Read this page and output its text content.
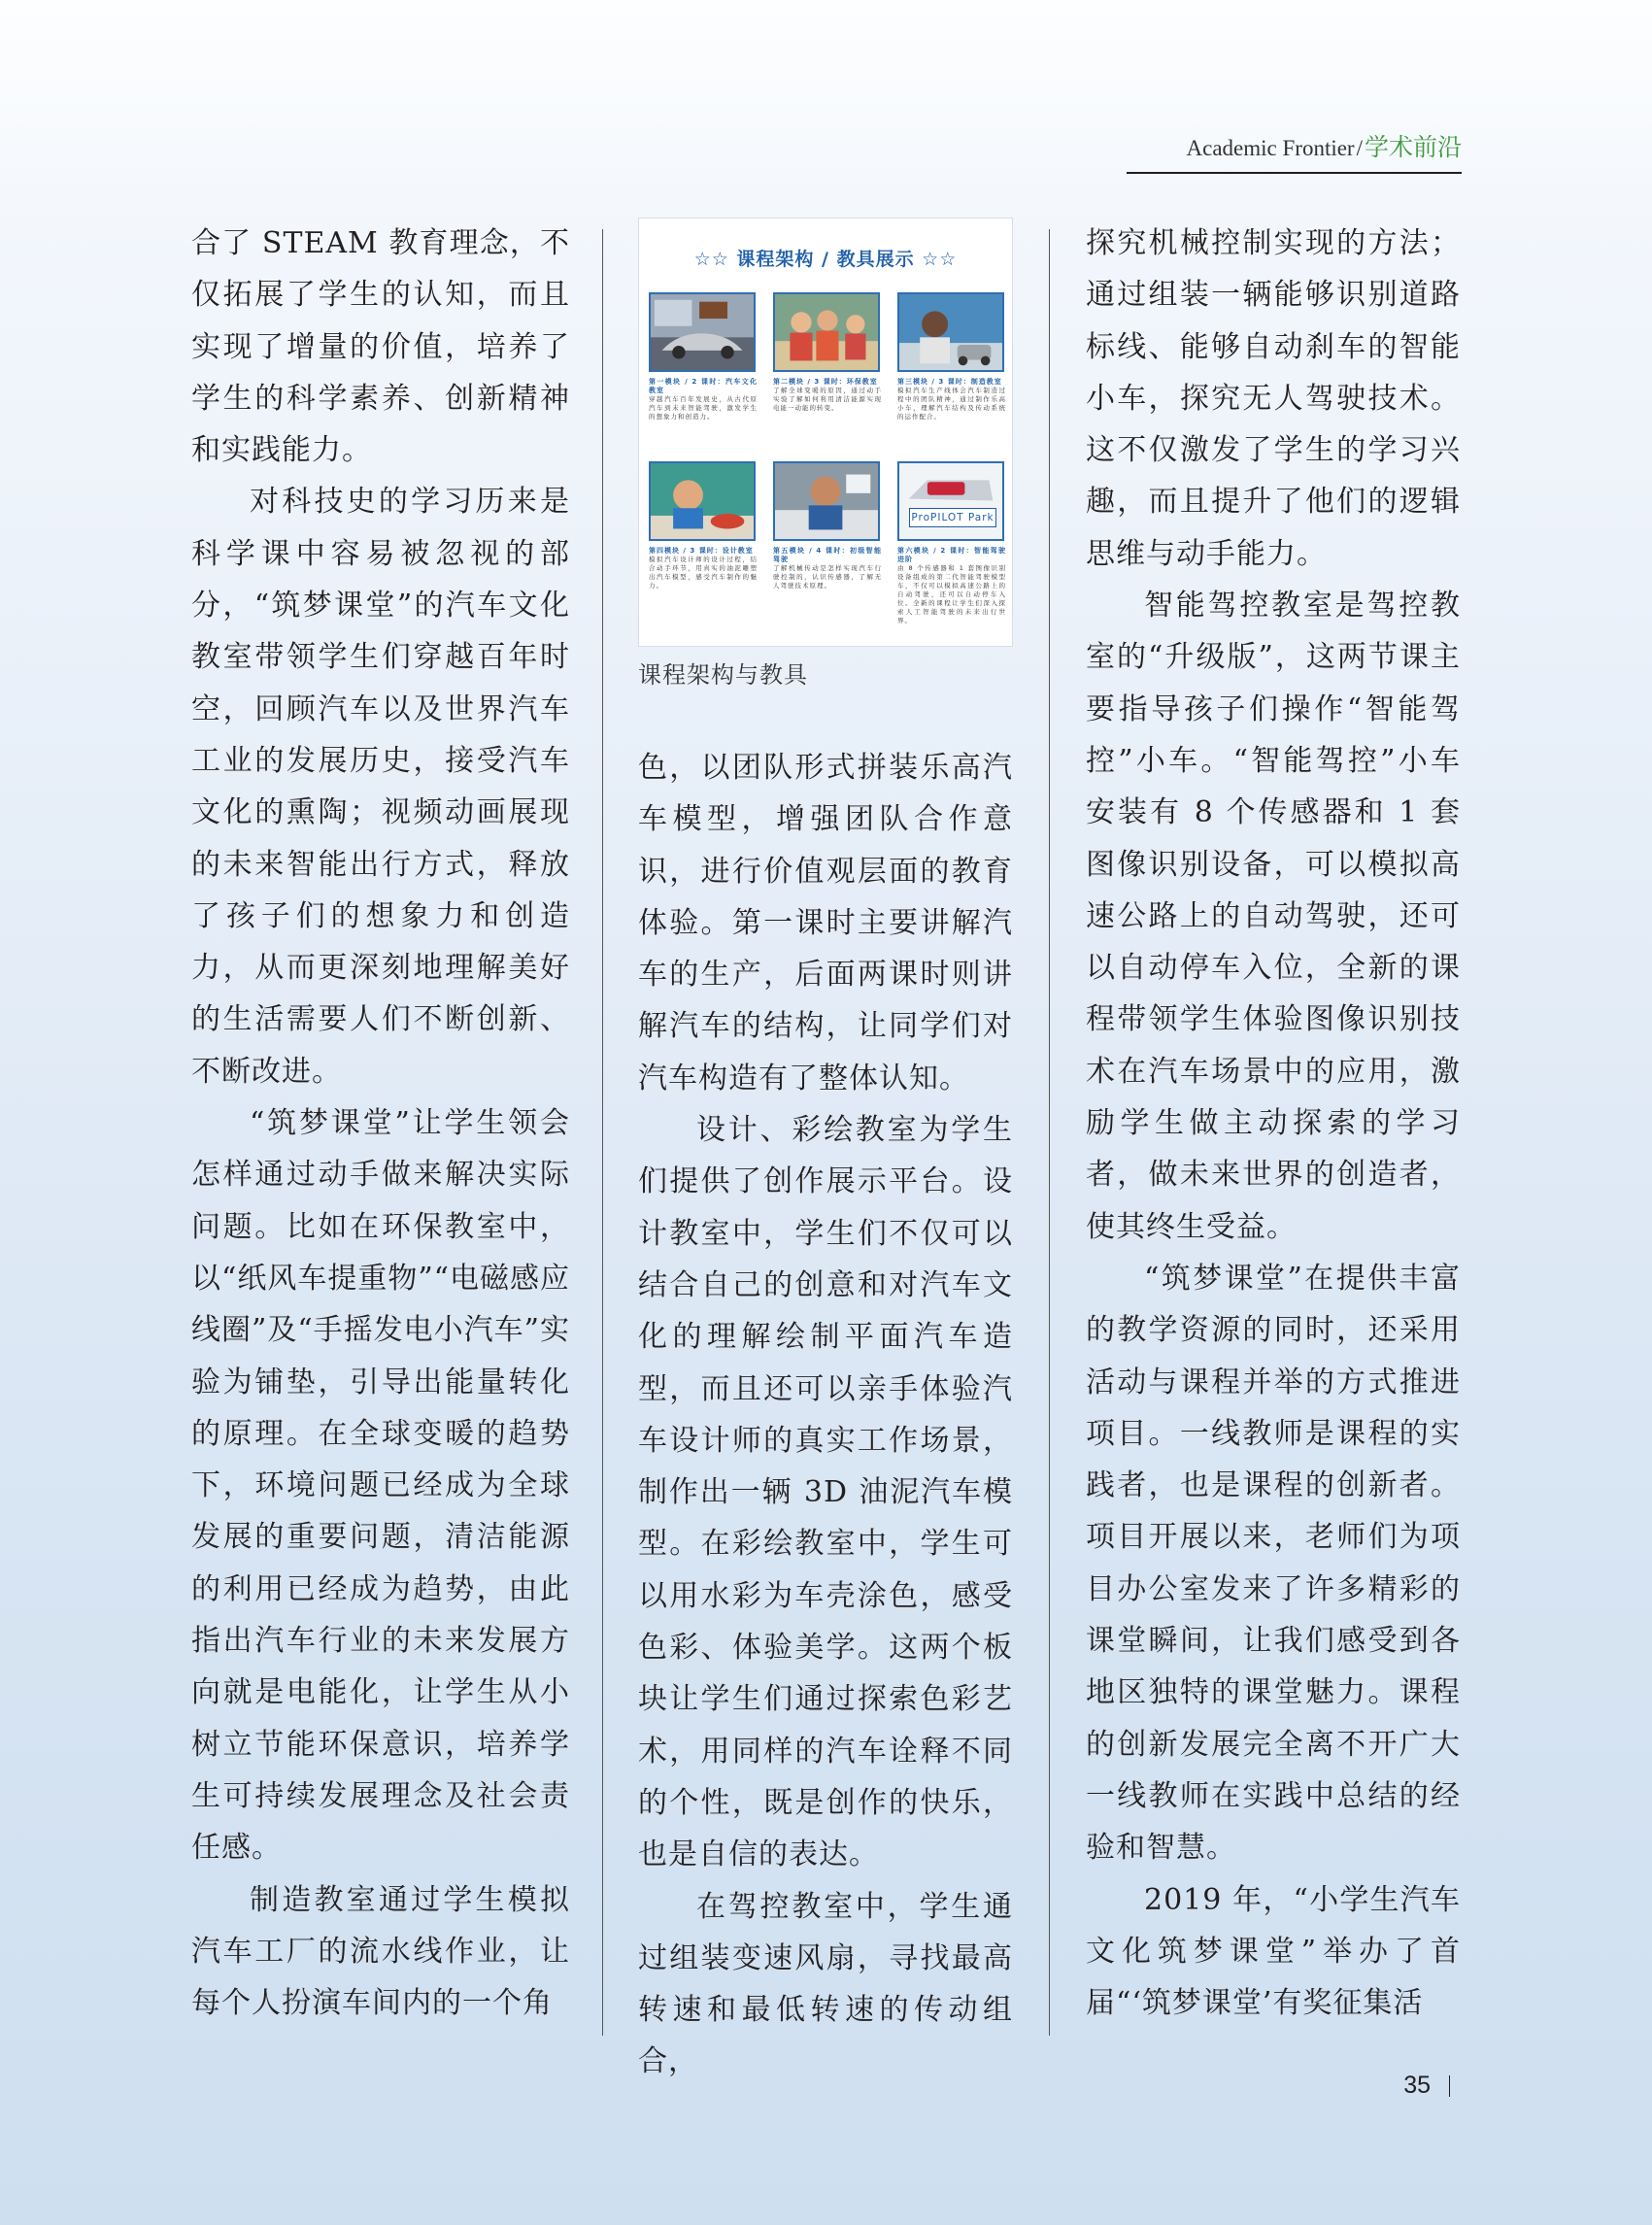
Academic Frontier/学术前沿

合了 STEAM 教育理念，不仅拓展了学生的认知，而且实现了增量的价值，培养了学生的科学素养、创新精神和实践能力。

对科技史的学习历来是科学课中容易被忽视的部分，“筑梦课堂”的汽车文化教室带领学生们穿越百年时空，回顾汽车以及世界汽车工业的发展历史，接受汽车文化的熏陶；视频动画展现的未来智能出行方式，释放了孩子们的想象力和创造力，从而更深刻地理解美好的生活需要人们不断创新、不断改进。

“筑梦课堂”让学生领会怎样通过动手做来解决实际问题。比如在环保教室中，以“纸风车提重物”“电磁感应线圈”及“手摇发电小汽车”实验为铺垫，引导出能量转化的原理。在全球变暖的趋势下，环境问题已经成为全球发展的重要问题，清洁能源的利用已经成为趋势，由此指出汽车行业的未来发展方向就是电能化，让学生从小树立节能环保意识，培养学生可持续发展理念及社会责任感。

制造教室通过学生模拟汽车工厂的流水线作业，让每个人扮演车间内的一个角

☆☆ 课程架构 / 教具展示 ☆☆
第一模块 / 2 课时：汽车文化教室
穿越汽车百年发展史，从古代原汽车到未来智能驾驶，激发学生的想象力和创造力。
第二模块 / 3 课时：环保教室
了解全球变暖的原因，通过动手实验了解如何利用清洁能源实现电能一动能的转变。
第三模块 / 3 课时：制造教室
模拟汽车生产线体会汽车制造过程中的团队精神，通过制作乐高小车，理解汽车结构及传动系统的运作配合。
ProPILOT Park
第四模块 / 3 课时：设计教室
模拟汽车设计师的设计过程，结合动手环节，用真实的油泥雕塑出汽车模型，感受汽车制作的魅力。
第五模块 / 4 课时：初级智能驾驶
了解机械传动是怎样实现汽车行驶控制的，认识传感器，了解无人驾驶技术原理。
第六模块 / 2 课时：智能驾驶进阶
由 8 个传感器和 1 套图像识别设备组成的第二代智能驾驶模型车，不仅可以模拟高速公路上的自动驾驶，还可以自动停车入位。全新的课程让学生们深入探索人工智能驾驶的未来出行世界。
课程架构与教具

色，以团队形式拼装乐高汽车模型，增强团队合作意识，进行价值观层面的教育体验。第一课时主要讲解汽车的生产，后面两课时则讲解汽车的结构，让同学们对汽车构造有了整体认知。

设计、彩绘教室为学生们提供了创作展示平台。设计教室中，学生们不仅可以结合自己的创意和对汽车文化的理解绘制平面汽车造型，而且还可以亲手体验汽车设计师的真实工作场景，制作出一辆 3D 油泥汽车模型。在彩绘教室中，学生可以用水彩为车壳涂色，感受色彩、体验美学。这两个板块让学生们通过探索色彩艺术，用同样的汽车诠释不同的个性，既是创作的快乐，也是自信的表达。

在驾控教室中，学生通过组装变速风扇，寻找最高转速和最低转速的传动组合，

探究机械控制实现的方法；通过组装一辆能够识别道路标线、能够自动刹车的智能小车，探究无人驾驶技术。这不仅激发了学生的学习兴趣，而且提升了他们的逻辑思维与动手能力。

智能驾控教室是驾控教室的“升级版”，这两节课主要指导孩子们操作“智能驾控”小车。“智能驾控”小车安装有 8 个传感器和 1 套图像识别设备，可以模拟高速公路上的自动驾驶，还可以自动停车入位，全新的课程带领学生体验图像识别技术在汽车场景中的应用，激励学生做主动探索的学习者，做未来世界的创造者，使其终生受益。

“筑梦课堂”在提供丰富的教学资源的同时，还采用活动与课程并举的方式推进项目。一线教师是课程的实践者，也是课程的创新者。项目开展以来，老师们为项目办公室发来了许多精彩的课堂瞬间，让我们感受到各地区独特的课堂魅力。课程的创新发展完全离不开广大一线教师在实践中总结的经验和智慧。

2019 年，“小学生汽车文化筑梦课堂”举办了首届“‘筑梦课堂’有奖征集活

35
